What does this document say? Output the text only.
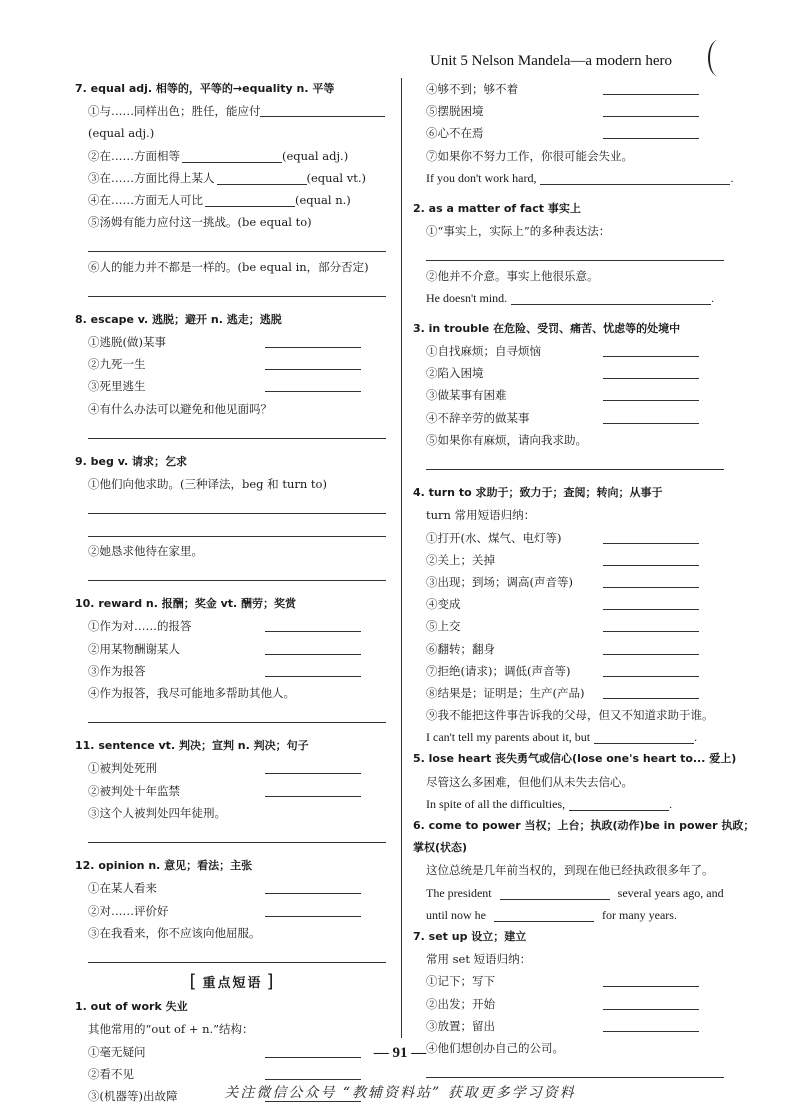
Unit 5 Nelson Mandela—a modern hero
7. equal adj. 相等的，平等的→equality n. 平等
①与……同样出色；胜任，能应付
(equal adj.)
②在……方面相等	(equal adj.)
③在……方面比得上某人	(equal vt.)
④在……方面无人可比	(equal n.)
⑤汤姆有能力应付这一挑战。(be equal to)
⑥人的能力并不都是一样的。(be equal in，部分否定)
8. escape v. 逃脱；避开 n. 逃走；逃脱
①逃脱(做)某事
②九死一生
③死里逃生
④有什么办法可以避免和他见面吗？
9. beg v. 请求；乞求
①他们向他求助。(三种译法，beg 和 turn to)
②她恳求他待在家里。
10. reward n. 报酬；奖金 vt. 酬劳；奖赏
①作为对……的报答
②用某物酬谢某人
③作为报答
④作为报答，我尽可能地多帮助其他人。
11. sentence vt. 判决；宣判 n. 判决；句子
①被判处死刑
②被判处十年监禁
③这个人被判处四年徒刑。
12. opinion n. 意见；看法；主张
①在某人看来
②对……评价好
③在我看来，你不应该向他屈服。
[ 重点短语 ]
1. out of work 失业
其他常用的“out of + n.”结构：
①毫无疑问
②看不见
③(机器等)出故障
④够不到；够不着
⑤摆脱困境
⑥心不在焉
⑦如果你不努力工作，你很可能会失业。
If you don't work hard,	.
2. as a matter of fact 事实上
①“事实上，实际上”的多种表达法：
②他并不介意。事实上他很乐意。
He doesn't mind.	.
3. in trouble 在危险、受罚、痛苦、忧虑等的处境中
①自找麻烦；自寻烦恼
②陷入困境
③做某事有困难
④不辞辛劳的做某事
⑤如果你有麻烦，请向我求助。
4. turn to 求助于；致力于；查阅；转向；从事于
turn 常用短语归纳：
①打开(水、煤气、电灯等)
②关上；关掉
③出现；到场；调高(声音等)
④变成
⑤上交
⑥翻转；翻身
⑦拒绝(请求)；调低(声音等)
⑧结果是；证明是；生产(产品)
⑨我不能把这件事告诉我的父母，但又不知道求助于谁。
I can't tell my parents about it, but	.
5. lose heart 丧失勇气或信心(lose one's heart to... 爱上)
尽管这么多困难，但他们从未失去信心。
In spite of all the difficulties,	.
6. come to power 当权；上台；执政(动作)be in power 执政；
掌权(状态)
这位总统是几年前当权的，到现在他已经执政很多年了。
The president	several years ago, and
until now he	for many years.
7. set up 设立；建立
常用 set 短语归纳：
①记下；写下
②出发；开始
③放置；留出
④他们想创办自己的公司。
— 91 —
关注微信公众号 “教辅资料站” 获取更多学习资料
